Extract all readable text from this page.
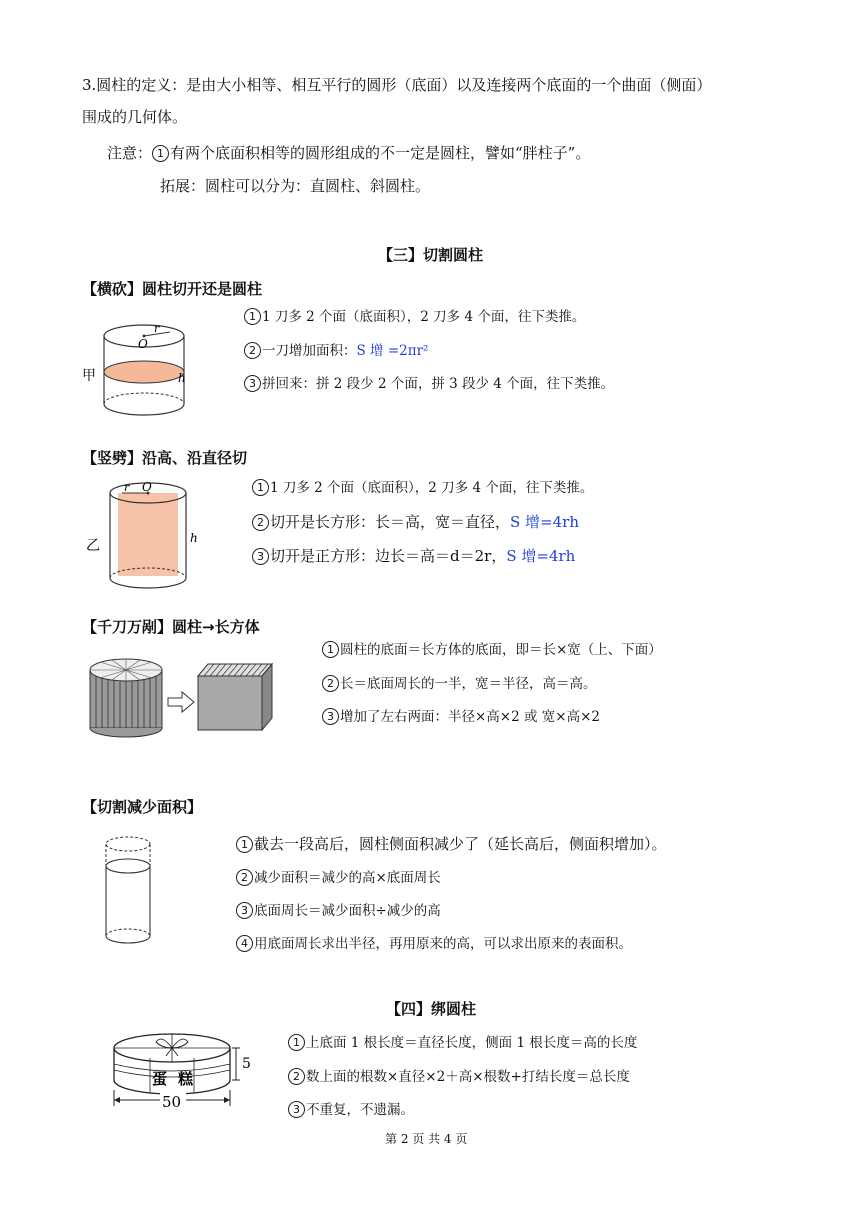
3.圆柱的定义：是由大小相等、相互平行的圆形（底面）以及连接两个底面的一个曲面（侧面）
围成的几何体。
注意： 1 有两个底面积相等的圆形组成的不一定是圆柱，譬如“胖柱子”。
拓展：圆柱可以分为：直圆柱、斜圆柱。
【三】切割圆柱
【横砍】圆柱切开还是圆柱
O
r
h
甲
1 1 刀多 2 个面（底面积），2 刀多 4 个面，往下类推。
2 一刀增加面积：S 增 =2πr²
3 拼回来：拼 2 段少 2 个面，拼 3 段少 4 个面，往下类推。
【竖劈】沿高、沿直径切
r O
h
乙
1 1 刀多 2 个面（底面积），2 刀多 4 个面，往下类推。
2 切开是长方形：长＝高，宽＝直径，S 增=4rh
3 切开是正方形：边长＝高＝d＝2r，S 增=4rh
【千刀万剐】圆柱→长方体
1 圆柱的底面＝长方体的底面，即＝长×宽（上、下面）
2 长＝底面周长的一半，宽＝半径，高＝高。
3 增加了左右两面：半径×高×2 或 宽×高×2
【切割减少面积】
1 截去一段高后，圆柱侧面积减少了（延长高后，侧面积增加）。
2 减少面积＝减少的高×底面周长
3 底面周长＝减少面积÷减少的高
4 用底面周长求出半径，再用原来的高，可以求出原来的表面积。
【四】绑圆柱
蛋 糕
5
50
1 上底面 1 根长度＝直径长度，侧面 1 根长度＝高的长度
2 数上面的根数×直径×2＋高×根数+打结长度＝总长度
3 不重复，不遗漏。
第 2 页 共 4 页
